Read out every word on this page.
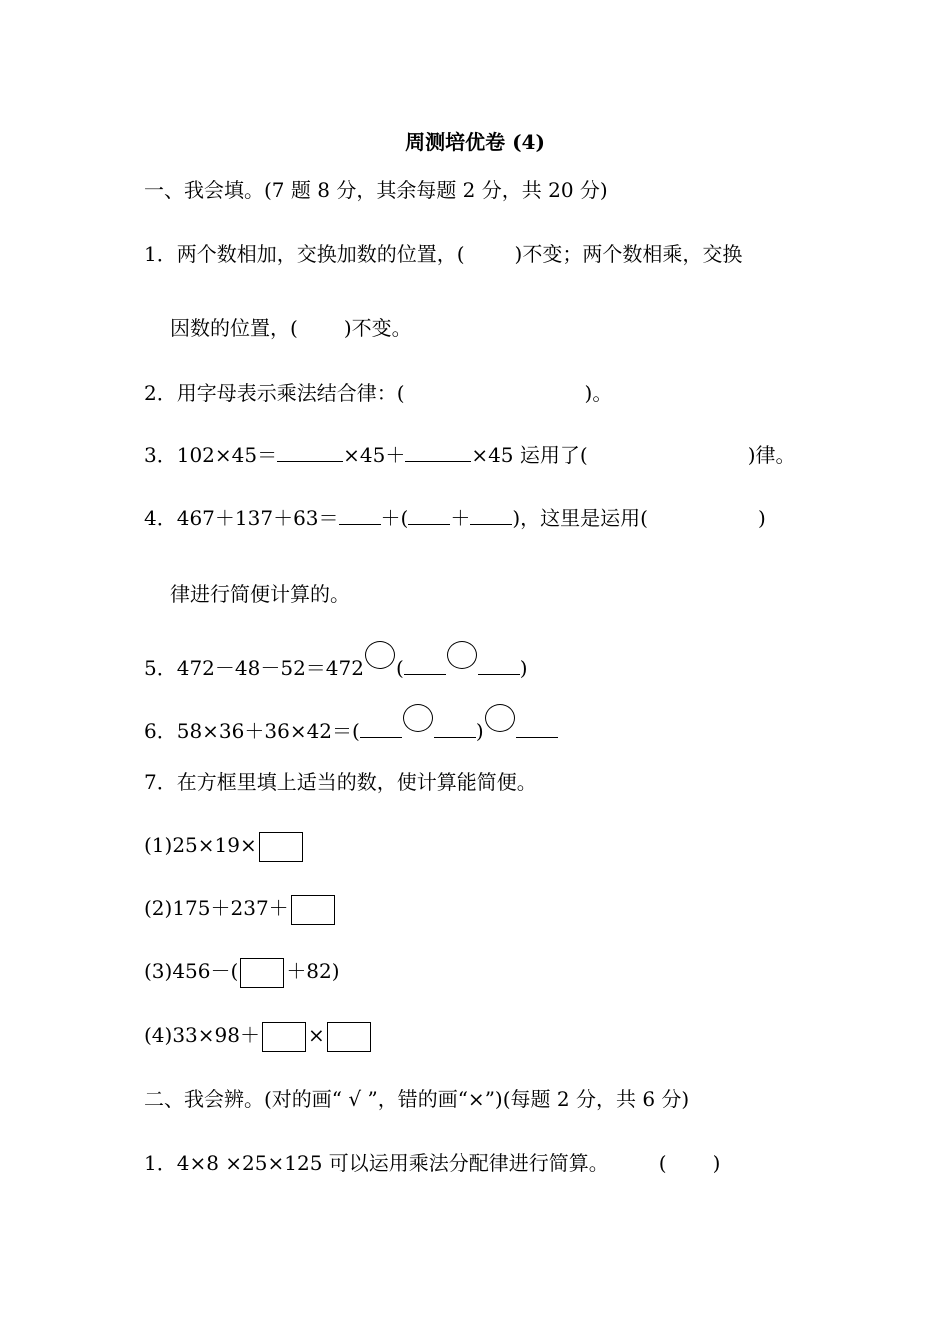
周测培优卷 (4)
一、我会填。(7 题 8 分，其余每题 2 分，共 20 分)
1．两个数相加，交换加数的位置，(	)不变；两个数相乘，交换
因数的位置，( )不变。
2．用字母表示乘法结合律：(	)。
3．102×45＝	×45＋	×45 运用了(	)律。
4．467＋137＋63＝ ＋( ＋ )，这里是运用(	)
律进行简便计算的。
5．472－48－52＝472 (	)
6．58×36＋36×42＝(	)
7．在方框里填上适当的数，使计算能简便。
(1)25×19×
(2)175＋237＋
(3)456－( ＋82)
(4)33×98＋ ×
二、我会辨。(对的画“ √ ”，错的画“×”)(每题 2 分，共 6 分)
1．4×8 ×25×125 可以运用乘法分配律进行简算。	( )
